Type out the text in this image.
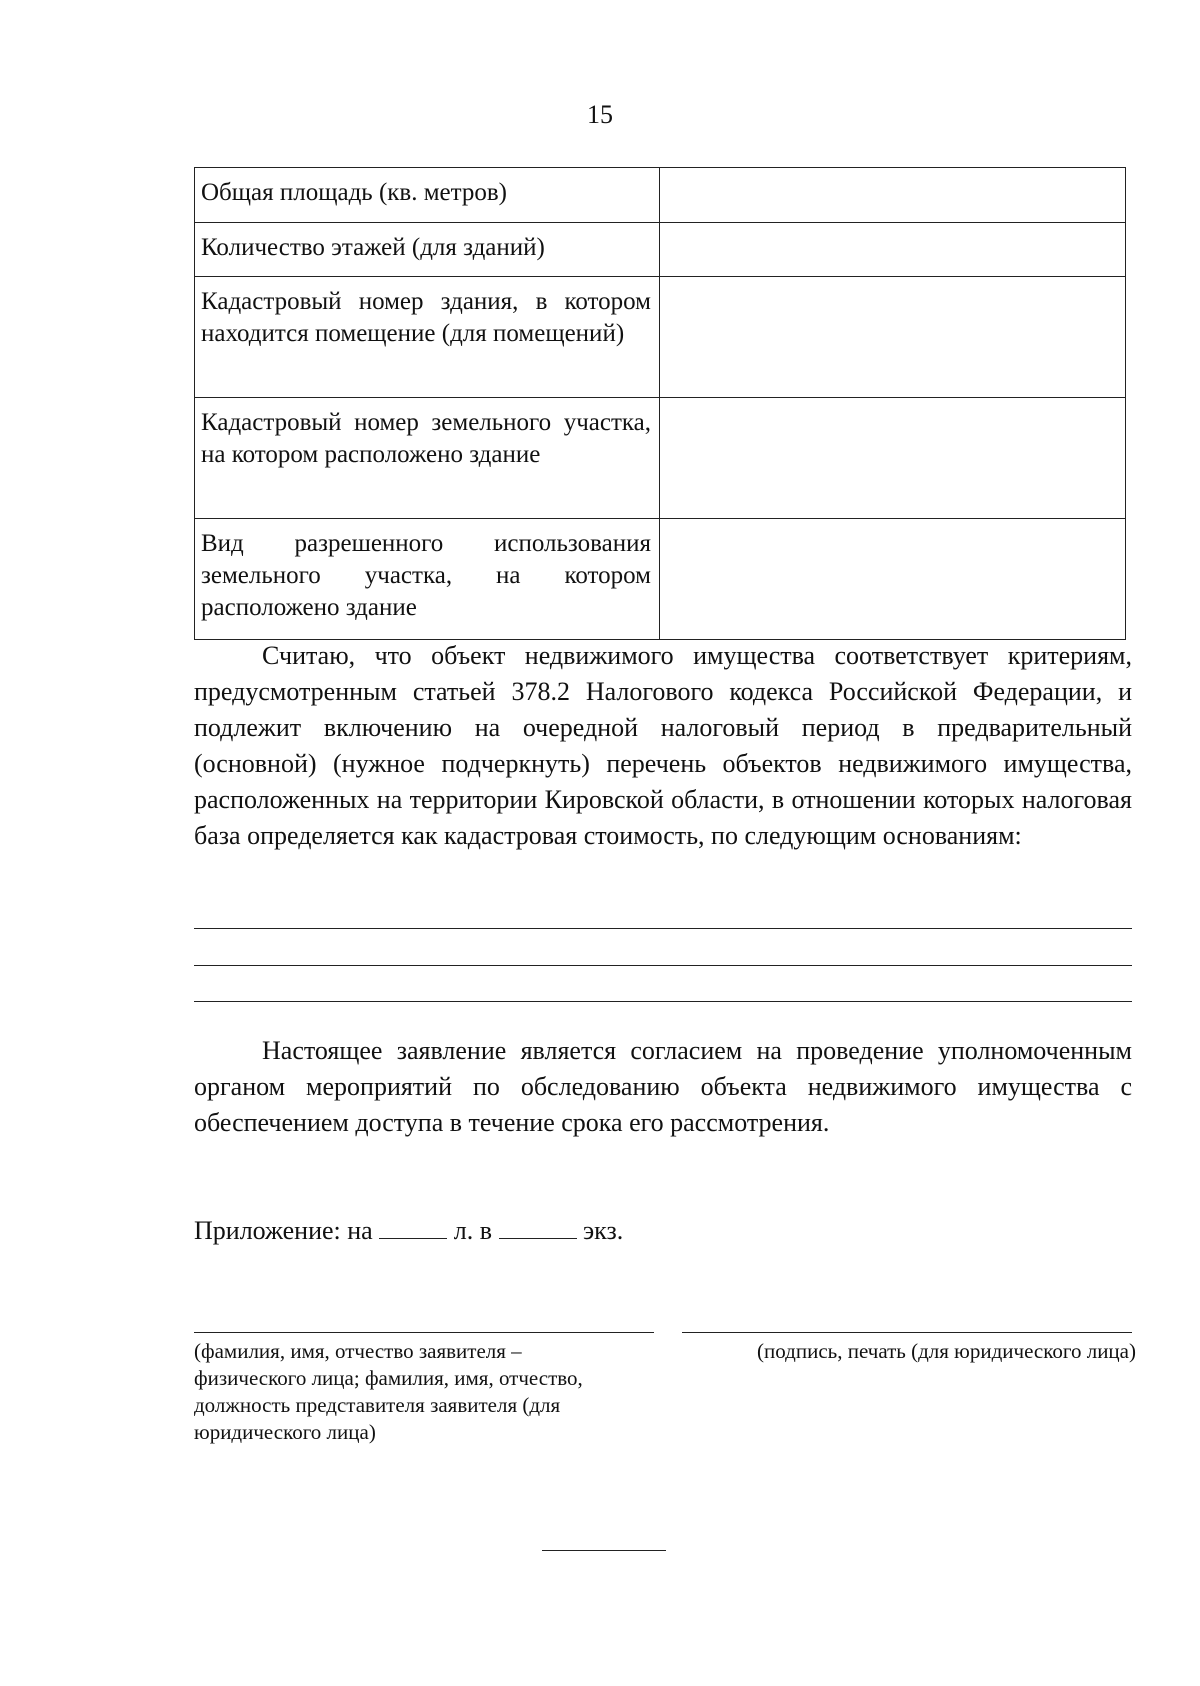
15
Общая площадь (кв. метров)	
Количество этажей (для зданий)	
Кадастровый номер здания, в котором находится помещение (для помещений)	
Кадастровый номер земельного участка, на котором расположено здание	
Вид разрешенного использования земельного участка, на котором расположено здание	

Считаю, что объект недвижимого имущества соответствует критериям, предусмотренным статьей 378.2 Налогового кодекса Российской Федерации, и подлежит включению на очередной налоговый период в предварительный (основной) (нужное подчеркнуть) перечень объектов недвижимого имущества, расположенных на территории Кировской области, в отношении которых налоговая база определяется как кадастровая стоимость, по следующим основаниям:

Настоящее заявление является согласием на проведение уполномоченным органом мероприятий по обследованию объекта недвижимого имущества с обеспечением доступа в течение срока его рассмотрения.

Приложение: на	л. в	экз.
(фамилия, имя, отчество заявителя – физического лица; фамилия, имя, отчество, должность представителя заявителя (для юридического лица)
(подпись, печать (для юридического лица)
